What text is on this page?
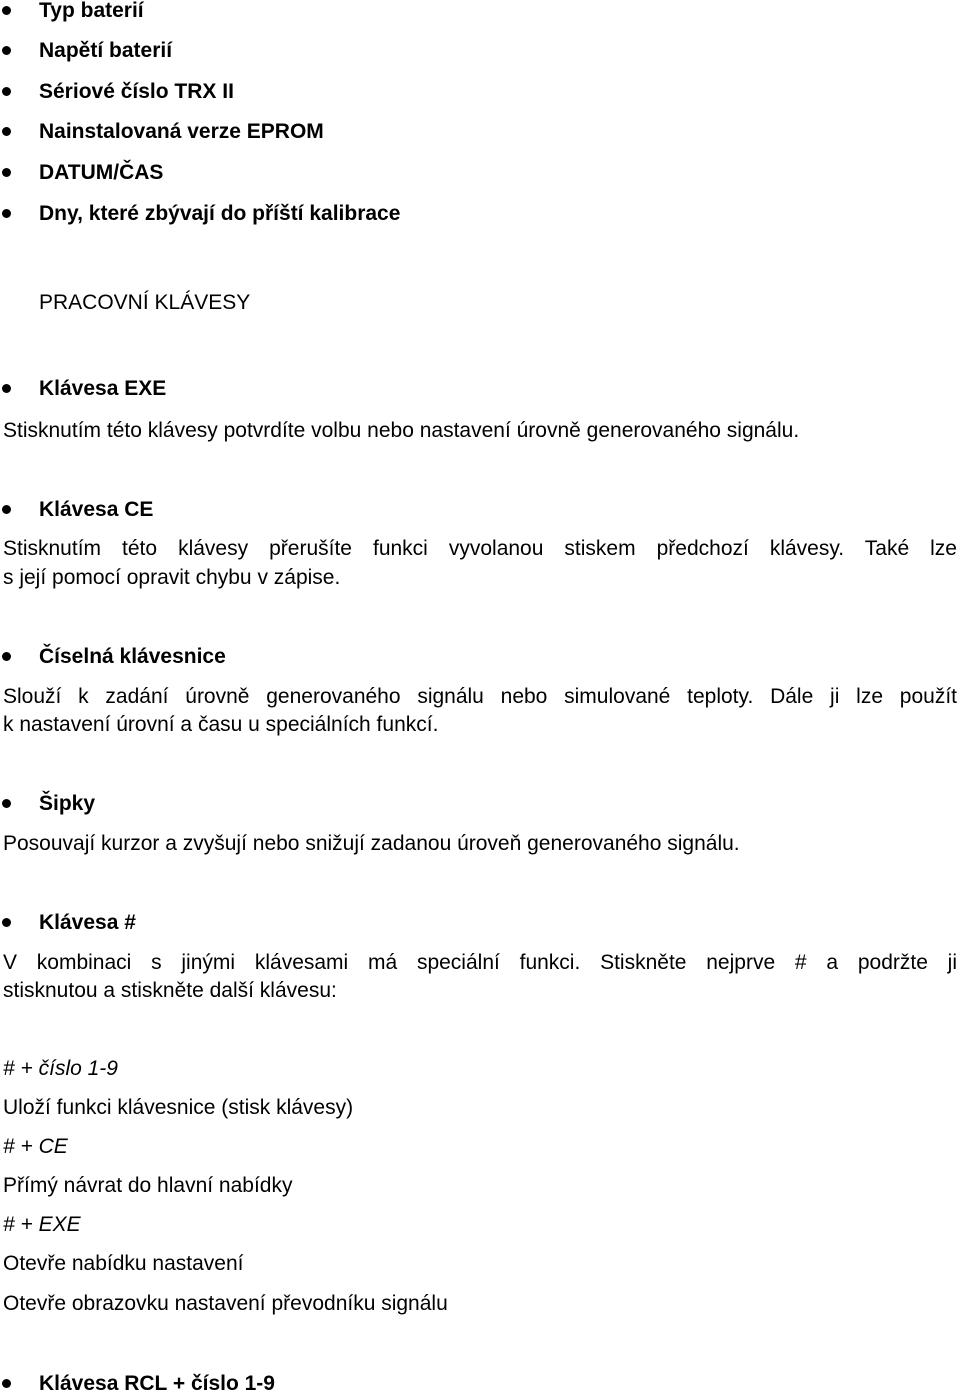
Typ baterií
Napětí baterií
Sériové číslo TRX II
Nainstalovaná verze EPROM
DATUM/ČAS
Dny, které zbývají do příští kalibrace
PRACOVNÍ KLÁVESY
Klávesa EXE
Stisknutím této klávesy potvrdíte volbu nebo nastavení úrovně generovaného signálu.
Klávesa CE
Stisknutím této klávesy přerušíte funkci vyvolanou stiskem předchozí klávesy. Také lze
s její pomocí opravit chybu v zápise.
Číselná klávesnice
Slouží k zadání úrovně generovaného signálu nebo simulované teploty. Dále ji lze použít
k nastavení úrovní a času u speciálních funkcí.
Šipky
Posouvají kurzor a zvyšují nebo snižují zadanou úroveň generovaného signálu.
Klávesa #
V kombinaci s jinými klávesami má speciální funkci. Stiskněte nejprve # a podržte ji
stisknutou a stiskněte další klávesu:
# + číslo 1-9
Uloží funkci klávesnice (stisk klávesy)
# + CE
Přímý návrat do hlavní nabídky
# + EXE
Otevře nabídku nastavení
Otevře obrazovku nastavení převodníku signálu
Klávesa RCL + číslo 1-9
